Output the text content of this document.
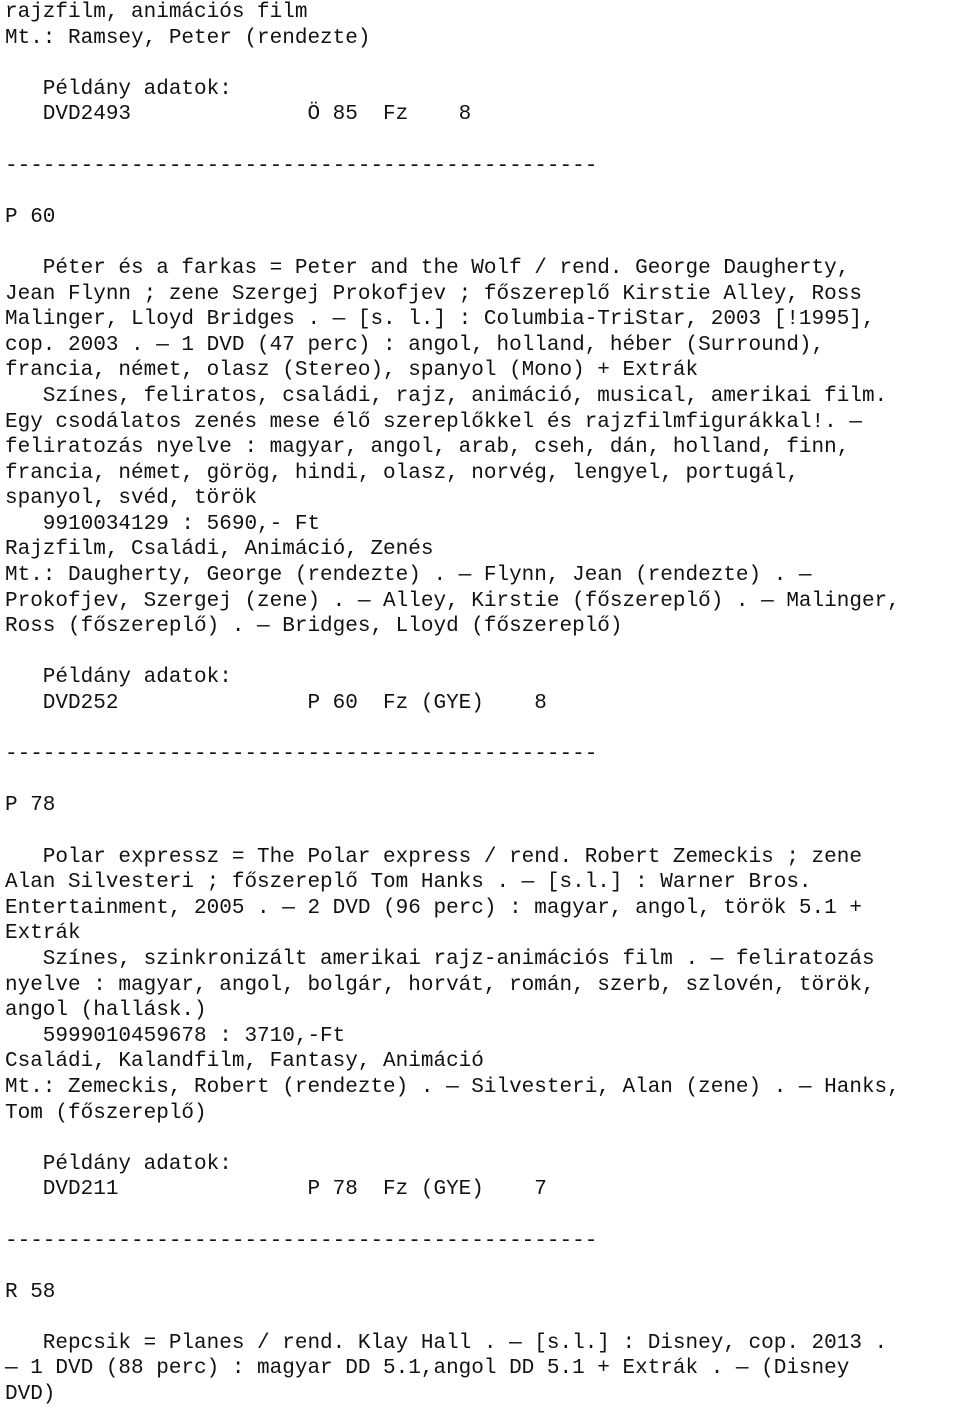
rajzfilm, animációs film
Mt.: Ramsey, Peter (rendezte)
Példány adatok:
DVD2493              Ö 85  Fz    8
-----------------------------------------------
P 60
Péter és a farkas = Peter and the Wolf / rend. George Daugherty,
Jean Flynn ; zene Szergej Prokofjev ; főszereplő Kirstie Alley, Ross
Malinger, Lloyd Bridges . — [s. l.] : Columbia-TriStar, 2003 [!1995],
cop. 2003 . — 1 DVD (47 perc) : angol, holland, héber (Surround),
francia, német, olasz (Stereo), spanyol (Mono) + Extrák
Színes, feliratos, családi, rajz, animáció, musical, amerikai film.
Egy csodálatos zenés mese élő szereplőkkel és rajzfilmfigurákkal!. —
feliratozás nyelve : magyar, angol, arab, cseh, dán, holland, finn,
francia, német, görög, hindi, olasz, norvég, lengyel, portugál,
spanyol, svéd, török
9910034129 : 5690,- Ft
Rajzfilm, Családi, Animáció, Zenés
Mt.: Daugherty, George (rendezte) . — Flynn, Jean (rendezte) . —
Prokofjev, Szergej (zene) . — Alley, Kirstie (főszereplő) . — Malinger,
Ross (főszereplő) . — Bridges, Lloyd (főszereplő)
Példány adatok:
DVD252               P 60  Fz (GYE)    8
-----------------------------------------------
P 78
Polar expressz = The Polar express / rend. Robert Zemeckis ; zene
Alan Silvesteri ; főszereplő Tom Hanks . — [s.l.] : Warner Bros.
Entertainment, 2005 . — 2 DVD (96 perc) : magyar, angol, török 5.1 +
Extrák
Színes, szinkronizált amerikai rajz-animációs film . — feliratozás
nyelve : magyar, angol, bolgár, horvát, román, szerb, szlovén, török,
angol (hallásk.)
5999010459678 : 3710,-Ft
Családi, Kalandfilm, Fantasy, Animáció
Mt.: Zemeckis, Robert (rendezte) . — Silvesteri, Alan (zene) . — Hanks,
Tom (főszereplő)
Példány adatok:
DVD211               P 78  Fz (GYE)    7
-----------------------------------------------
R 58
Repcsik = Planes / rend. Klay Hall . — [s.l.] : Disney, cop. 2013 .
— 1 DVD (88 perc) : magyar DD 5.1,angol DD 5.1 + Extrák . — (Disney
DVD)
